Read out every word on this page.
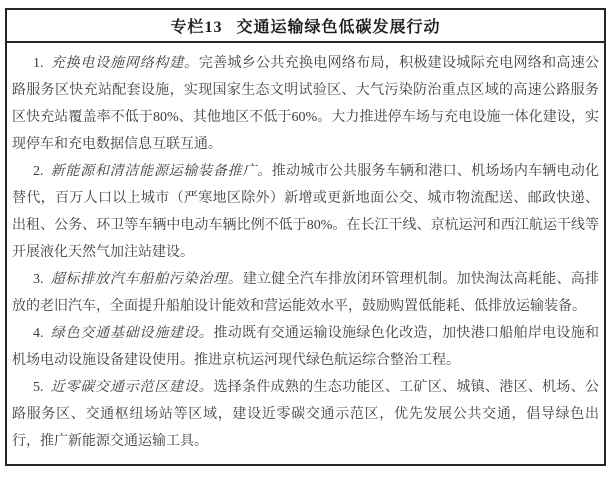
专栏13 交通运输绿色低碳发展行动

1. 充换电设施网络构建。完善城乡公共充换电网络布局，积极建设城际充电网络和高速公路服务区快充站配套设施，实现国家生态文明试验区、大气污染防治重点区域的高速公路服务区快充站覆盖率不低于80%、其他地区不低于60%。大力推进停车场与充电设施一体化建设，实现停车和充电数据信息互联互通。

2. 新能源和清洁能源运输装备推广。推动城市公共服务车辆和港口、机场场内车辆电动化替代，百万人口以上城市（严寒地区除外）新增或更新地面公交、城市物流配送、邮政快递、出租、公务、环卫等车辆中电动车辆比例不低于80%。在长江干线、京杭运河和西江航运干线等开展液化天然气加注站建设。

3. 超标排放汽车船舶污染治理。建立健全汽车排放闭环管理机制。加快淘汰高耗能、高排放的老旧汽车，全面提升船舶设计能效和营运能效水平，鼓励购置低能耗、低排放运输装备。

4. 绿色交通基础设施建设。推动既有交通运输设施绿色化改造，加快港口船舶岸电设施和机场电动设施设备建设使用。推进京杭运河现代绿色航运综合整治工程。

5. 近零碳交通示范区建设。选择条件成熟的生态功能区、工矿区、城镇、港区、机场、公路服务区、交通枢纽场站等区域，建设近零碳交通示范区，优先发展公共交通，倡导绿色出行，推广新能源交通运输工具。
